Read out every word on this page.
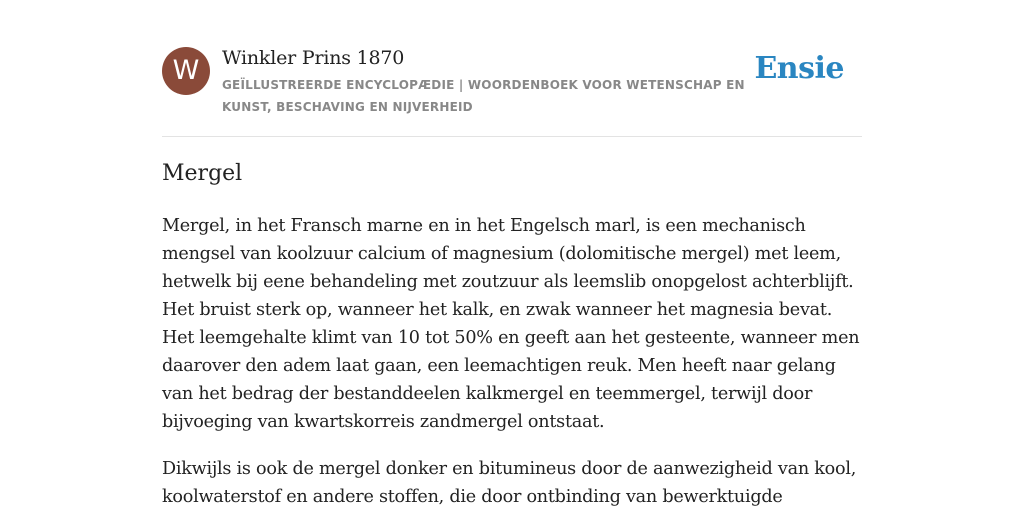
W	Winkler Prins 1870
GEÏLLUSTREERDE ENCYCLOPÆDIE | WOORDENBOEK VOOR WETENSCHAP EN KUNST, BESCHAVING EN NIJVERHEID
Ensie
Mergel

Mergel, in het Fransch marne en in het Engelsch marl, is een mechanisch mengsel van koolzuur calcium of magnesium (dolomitische mergel) met leem, hetwelk bij eene behandeling met zoutzuur als leemslib onopgelost achterblijft. Het bruist sterk op, wanneer het kalk, en zwak wanneer het magnesia bevat. Het leemgehalte klimt van 10 tot 50% en geeft aan het gesteente, wanneer men daarover den adem laat gaan, een leemachtigen reuk. Men heeft naar gelang van het bedrag der bestanddeelen kalkmergel en teemmergel, terwijl door bijvoeging van kwartskorreis zandmergel ontstaat.

Dikwijls is ook de mergel donker en bitumineus door de aanwezigheid van kool, koolwaterstof en andere stoffen, die door ontbinding van bewerktuigde
